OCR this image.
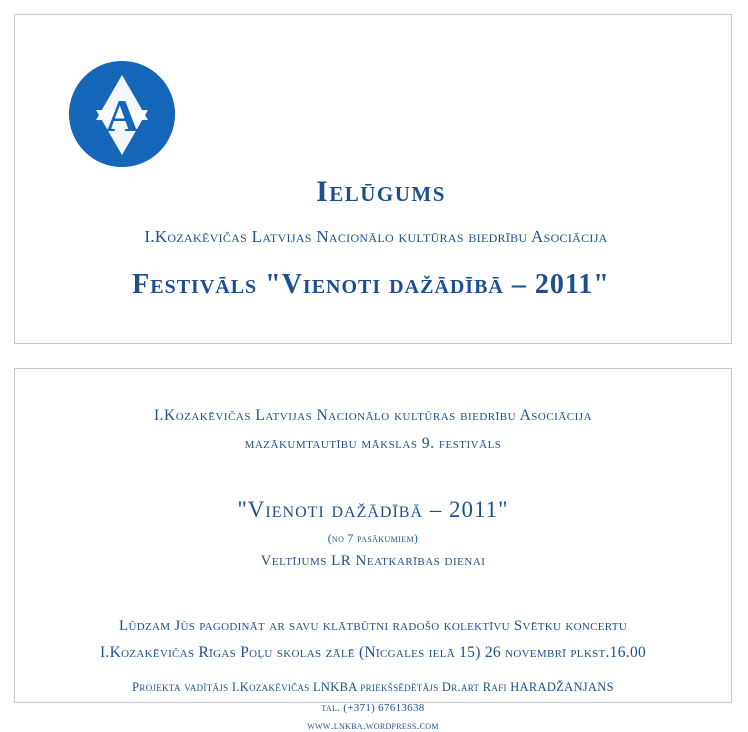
A
Ielūgums
I.Kozakēvičas Latvijas Nacionālo kultūras biedrību Asociācija
Festivāls "Vienoti dažādībā – 2011"
I.Kozakēvičas Latvijas Nacionālo kultūras biedrību Asociācija
mazākumtautību mākslas 9. festivāls
"Vienoti dažādībā – 2011"
(no 7 pasākumiem)
Veltījums LR Neatkarības dienai
Lūdzam Jūs pagodināt ar savu klātbūtni radošo kolektīvu Svētku koncertu
I.Kozakēvičas Rīgas Poļu skolas zālē (Nīcgales ielā 15) 26 novembrī plkst.16.00
Projekta vadītājs I.Kozakēvičas LNKBA priekšsēdētājs Dr.art Rafi HARADŽANJANS
tal. (+371) 67613638
www.lnkba.wordpress.com
